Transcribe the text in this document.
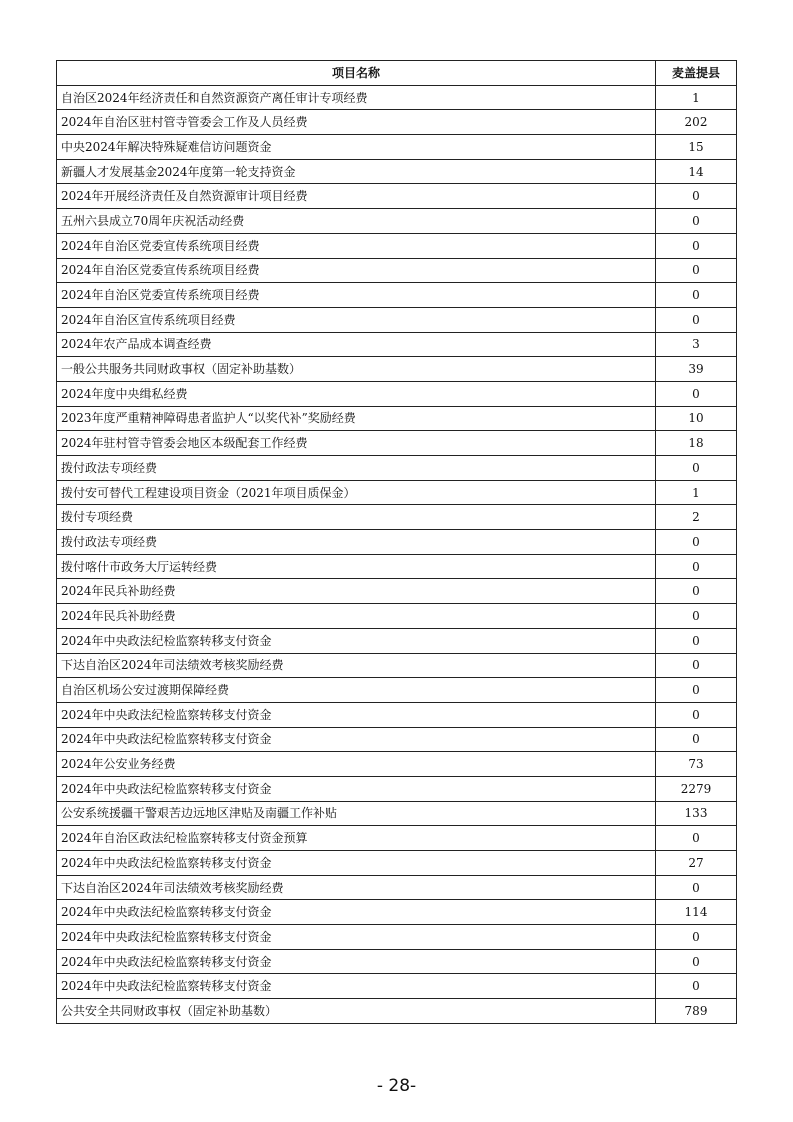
项目名称	麦盖提县
自治区2024年经济责任和自然资源资产离任审计专项经费	1
2024年自治区驻村管寺管委会工作及人员经费	202
中央2024年解决特殊疑难信访问题资金	15
新疆人才发展基金2024年度第一轮支持资金	14
2024年开展经济责任及自然资源审计项目经费	0
五州六县成立70周年庆祝活动经费	0
2024年自治区党委宣传系统项目经费	0
2024年自治区党委宣传系统项目经费	0
2024年自治区党委宣传系统项目经费	0
2024年自治区宣传系统项目经费	0
2024年农产品成本调查经费	3
一般公共服务共同财政事权（固定补助基数）	39
2024年度中央缉私经费	0
2023年度严重精神障碍患者监护人“以奖代补”奖励经费	10
2024年驻村管寺管委会地区本级配套工作经费	18
拨付政法专项经费	0
拨付安可替代工程建设项目资金（2021年项目质保金）	1
拨付专项经费	2
拨付政法专项经费	0
拨付喀什市政务大厅运转经费	0
2024年民兵补助经费	0
2024年民兵补助经费	0
2024年中央政法纪检监察转移支付资金	0
下达自治区2024年司法绩效考核奖励经费	0
自治区机场公安过渡期保障经费	0
2024年中央政法纪检监察转移支付资金	0
2024年中央政法纪检监察转移支付资金	0
2024年公安业务经费	73
2024年中央政法纪检监察转移支付资金	2279
公安系统援疆干警艰苦边远地区津贴及南疆工作补贴	133
2024年自治区政法纪检监察转移支付资金预算	0
2024年中央政法纪检监察转移支付资金	27
下达自治区2024年司法绩效考核奖励经费	0
2024年中央政法纪检监察转移支付资金	114
2024年中央政法纪检监察转移支付资金	0
2024年中央政法纪检监察转移支付资金	0
2024年中央政法纪检监察转移支付资金	0
公共安全共同财政事权（固定补助基数）	789
- 28-
